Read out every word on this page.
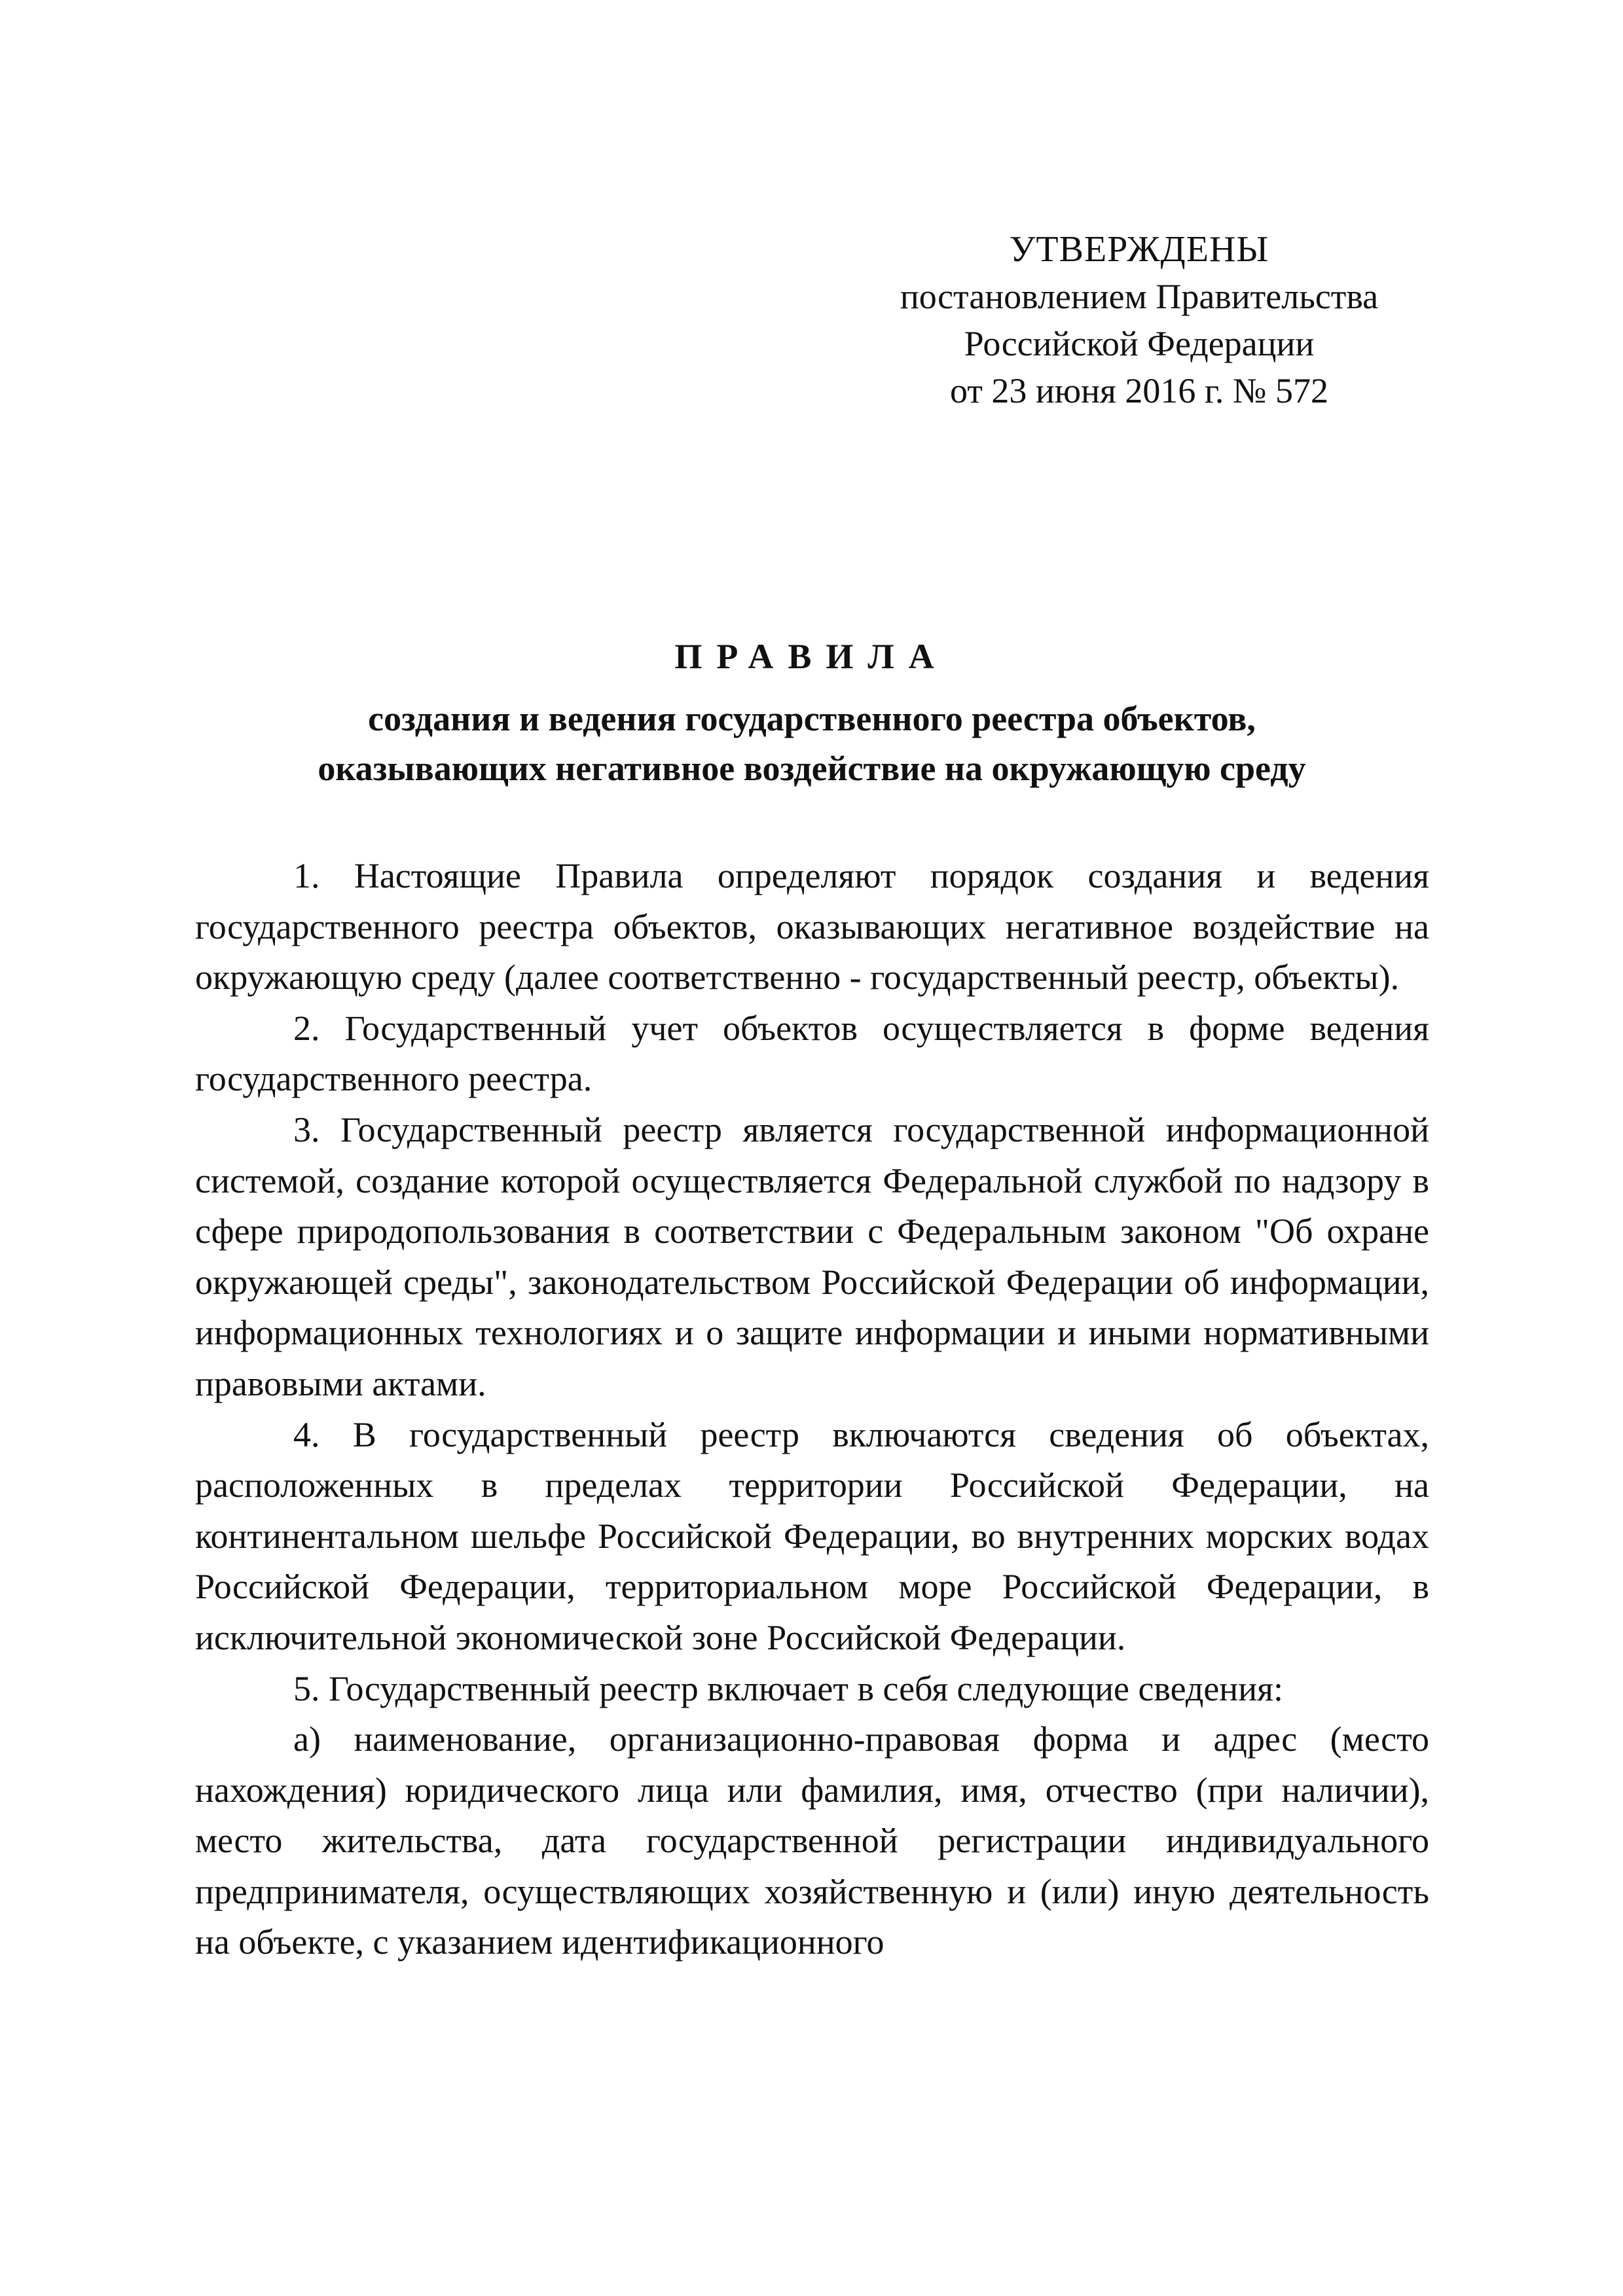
УТВЕРЖДЕНЫ
постановлением Правительства
Российской Федерации
от 23 июня 2016 г. № 572
ПРАВИЛА
создания и ведения государственного реестра объектов,
оказывающих негативное воздействие на окружающую среду

1. Настоящие Правила определяют порядок создания и ведения государственного реестра объектов, оказывающих негативное воздействие на окружающую среду (далее соответственно - государственный реестр, объекты).

2. Государственный учет объектов осуществляется в форме ведения государственного реестра.

3. Государственный реестр является государственной информационной системой, создание которой осуществляется Федеральной службой по надзору в сфере природопользования в соответствии с Федеральным законом "Об охране окружающей среды", законодательством Российской Федерации об информации, информационных технологиях и о защите информации и иными нормативными правовыми актами.

4. В государственный реестр включаются сведения об объектах, расположенных в пределах территории Российской Федерации, на континентальном шельфе Российской Федерации, во внутренних морских водах Российской Федерации, территориальном море Российской Федерации, в исключительной экономической зоне Российской Федерации.

5. Государственный реестр включает в себя следующие сведения:

а) наименование, организационно-правовая форма и адрес (место нахождения) юридического лица или фамилия, имя, отчество (при наличии), место жительства, дата государственной регистрации индивидуального предпринимателя, осуществляющих хозяйственную и (или) иную деятельность на объекте, с указанием идентификационного
